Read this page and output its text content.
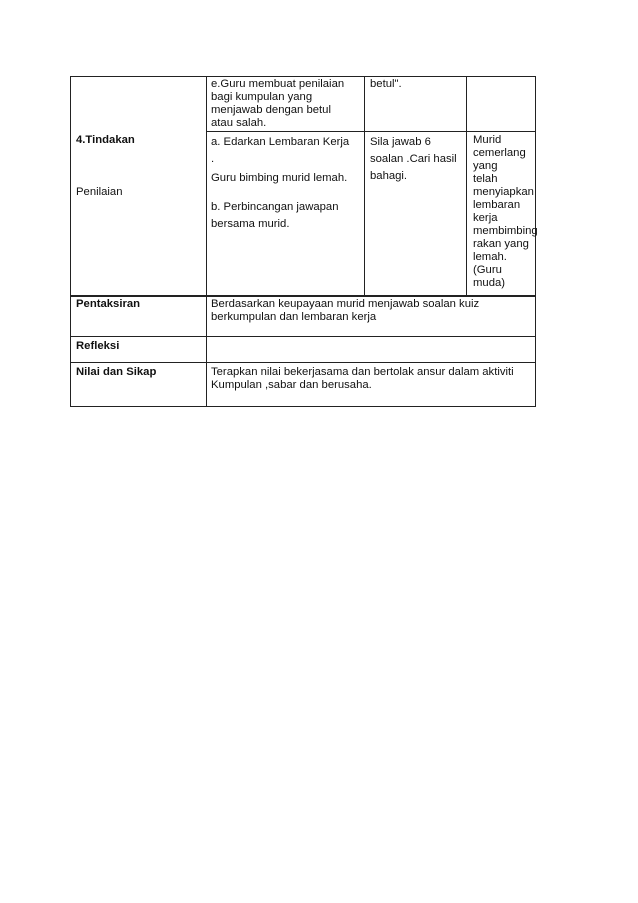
e.Guru membuat penilaian
bagi kumpulan yang
menjawab dengan betul
atau salah.
betul".
4.Tindakan
Penilaian
a. Edarkan Lembaran Kerja
.
Guru bimbing murid lemah.
b. Perbincangan jawapan
bersama murid.
Sila jawab 6
soalan .Cari hasil
bahagi.
Murid
cemerlang yang
telah
menyiapkan
lembaran kerja
membimbing
rakan yang
lemah.(Guru
muda)
Pentaksiran	Berdasarkan keupayaan murid menjawab soalan kuiz
berkumpulan dan lembaran kerja
Refleksi
Nilai dan Sikap	Terapkan nilai bekerjasama dan bertolak ansur dalam aktiviti
Kumpulan ,sabar dan berusaha.
